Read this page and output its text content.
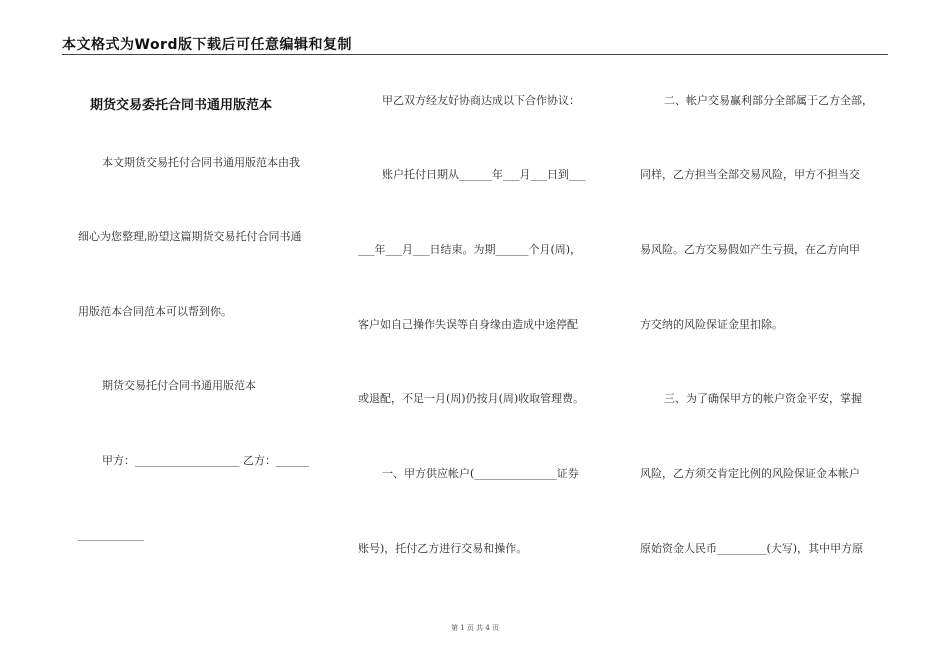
本文格式为Word版下载后可任意编辑和复制
期货交易委托合同书通用版范本
本文期货交易托付合同书通用版范本由我
细心为您整理,盼望这篇期货交易托付合同书通
用版范本合同范本可以帮到你。
期货交易托付合同书通用版范本
甲方：___________________ 乙方：______
____________
甲乙双方经友好协商达成以下合作协议：
账户托付日期从______年___月___日到___
___年___月___日结束。为期______个月(周)，
客户如自己操作失误等自身缘由造成中途停配
或退配，不足一月(周)仍按月(周)收取管理费。
一、甲方供应帐户(_______________证券
账号)，托付乙方进行交易和操作。
二、帐户交易赢利部分全部属于乙方全部，
同样，乙方担当全部交易风险，甲方不担当交
易风险。乙方交易假如产生亏损，在乙方向甲
方交纳的风险保证金里扣除。
三、为了确保甲方的帐户资金平安，掌握
风险，乙方须交肯定比例的风险保证金本帐户
原始资金人民币_________(大写)，其中甲方原
第 1 页 共 4 页
